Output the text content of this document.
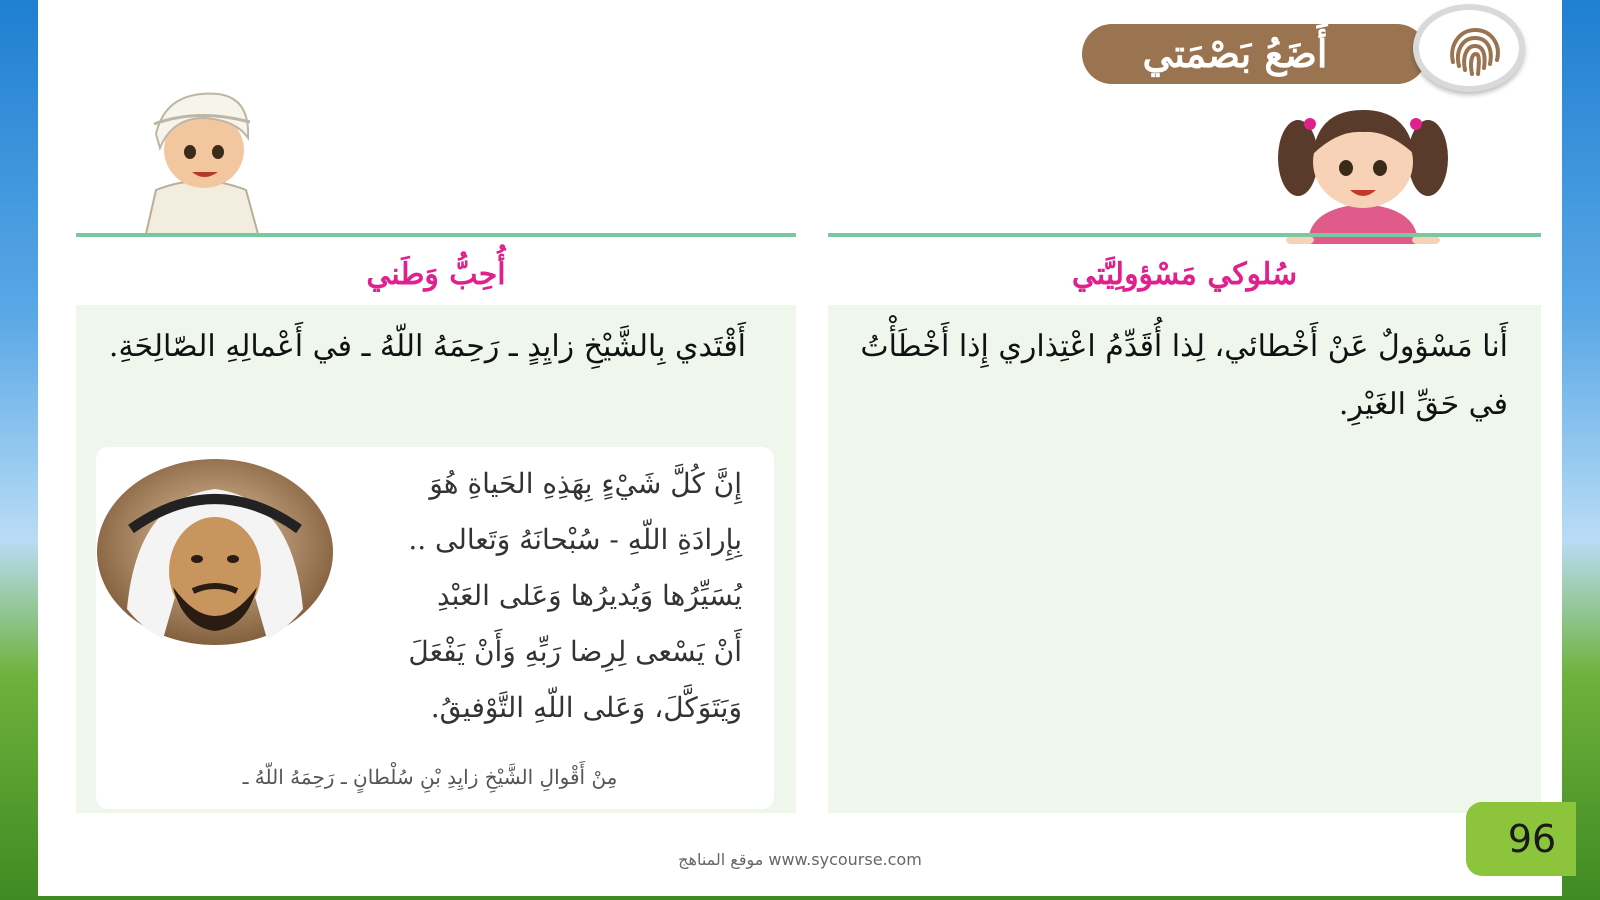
أَضَعُ بَصْمَتي
أُحِبُّ وَطَني	سُلوكي مَسْؤولِيَّتي
أَقْتَدي بِالشَّيْخِ زايِدٍ ـ رَحِمَهُ اللّهُ ـ في أَعْمالِهِ الصّالِحَةِ.	أَنا مَسْؤولٌ عَنْ أَخْطائي، لِذا أُقَدِّمُ اعْتِذاري إِذا أَخْطَأْتُ في حَقِّ الغَيْرِ.
إِنَّ كُلَّ شَيْءٍ بِهَذِهِ الحَياةِ هُوَ
بِإِرادَةِ اللّهِ - سُبْحانَهُ وَتَعالى ..
يُسَيِّرُها وَيُديرُها وَعَلى العَبْدِ
أَنْ يَسْعى لِرِضا رَبِّهِ وَأَنْ يَفْعَلَ
وَيَتَوَكَّلَ، وَعَلى اللّهِ التَّوْفيقُ.
مِنْ أَقْوالِ الشَّيْخِ زايِدِ بْنِ سُلْطانٍ ـ رَحِمَهُ اللّهُ ـ
96
موقع المناهج www.sycourse.com
